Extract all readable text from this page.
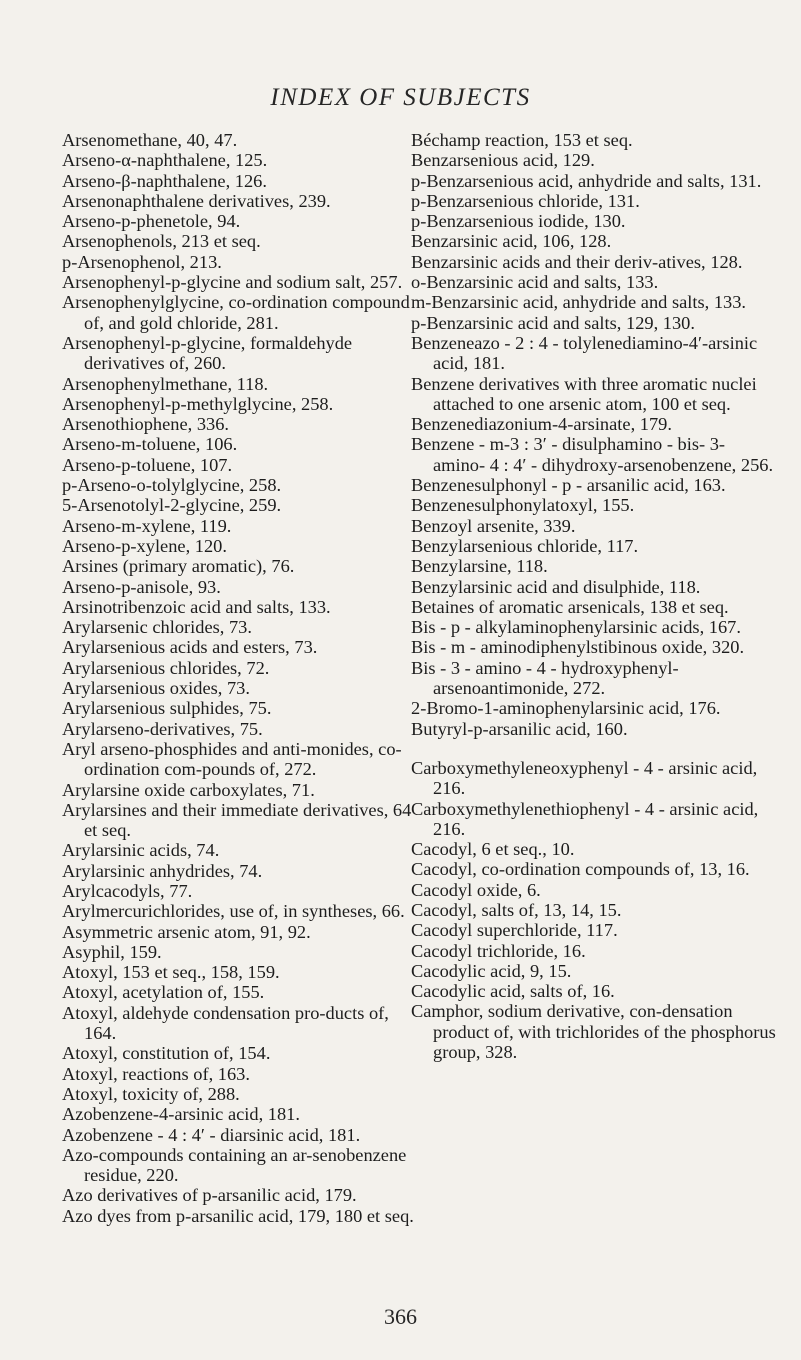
INDEX OF SUBJECTS
Arsenomethane, 40, 47.
Arseno-α-naphthalene, 125.
Arseno-β-naphthalene, 126.
Arsenonaphthalene derivatives, 239.
Arseno-p-phenetole, 94.
Arsenophenols, 213 et seq.
p-Arsenophenol, 213.
Arsenophenyl-p-glycine and sodium salt, 257.
Arsenophenylglycine, co-ordination compound of, and gold chloride, 281.
Arsenophenyl-p-glycine, formaldehyde derivatives of, 260.
Arsenophenylmethane, 118.
Arsenophenyl-p-methylglycine, 258.
Arsenothiophene, 336.
Arseno-m-toluene, 106.
Arseno-p-toluene, 107.
p-Arseno-o-tolylglycine, 258.
5-Arsenotolyl-2-glycine, 259.
Arseno-m-xylene, 119.
Arseno-p-xylene, 120.
Arsines (primary aromatic), 76.
Arseno-p-anisole, 93.
Arsinotribenzoic acid and salts, 133.
Arylarsenic chlorides, 73.
Arylarsenious acids and esters, 73.
Arylarsenious chlorides, 72.
Arylarsenious oxides, 73.
Arylarsenious sulphides, 75.
Arylarseno-derivatives, 75.
Aryl arseno-phosphides and anti-monides, co-ordination com-pounds of, 272.
Arylarsine oxide carboxylates, 71.
Arylarsines and their immediate derivatives, 64 et seq.
Arylarsinic acids, 74.
Arylarsinic anhydrides, 74.
Arylcacodyls, 77.
Arylmercurichlorides, use of, in syntheses, 66.
Asymmetric arsenic atom, 91, 92.
Asyphil, 159.
Atoxyl, 153 et seq., 158, 159.
Atoxyl, acetylation of, 155.
Atoxyl, aldehyde condensation pro-ducts of, 164.
Atoxyl, constitution of, 154.
Atoxyl, reactions of, 163.
Atoxyl, toxicity of, 288.
Azobenzene-4-arsinic acid, 181.
Azobenzene - 4 : 4′ - diarsinic acid, 181.
Azo-compounds containing an ar-senobenzene residue, 220.
Azo derivatives of p-arsanilic acid, 179.
Azo dyes from p-arsanilic acid, 179, 180 et seq.
Béchamp reaction, 153 et seq.
Benzarsenious acid, 129.
p-Benzarsenious acid, anhydride and salts, 131.
p-Benzarsenious chloride, 131.
p-Benzarsenious iodide, 130.
Benzarsinic acid, 106, 128.
Benzarsinic acids and their deriv-atives, 128.
o-Benzarsinic acid and salts, 133.
m-Benzarsinic acid, anhydride and salts, 133.
p-Benzarsinic acid and salts, 129, 130.
Benzeneazo - 2 : 4 - tolylenediamino-4′-arsinic acid, 181.
Benzene derivatives with three aromatic nuclei attached to one arsenic atom, 100 et seq.
Benzenediazonium-4-arsinate, 179.
Benzene - m-3 : 3′ - disulphamino - bis- 3- amino- 4 : 4′ - dihydroxy-arsenobenzene, 256.
Benzenesulphonyl - p - arsanilic acid, 163.
Benzenesulphonylatoxyl, 155.
Benzoyl arsenite, 339.
Benzylarsenious chloride, 117.
Benzylarsine, 118.
Benzylarsinic acid and disulphide, 118.
Betaines of aromatic arsenicals, 138 et seq.
Bis - p - alkylaminophenylarsinic acids, 167.
Bis - m - aminodiphenylstibinous oxide, 320.
Bis - 3 - amino - 4 - hydroxyphenyl-arsenoantimonide, 272.
2-Bromo-1-aminophenylarsinic acid, 176.
Butyryl-p-arsanilic acid, 160.
Carboxymethyleneoxyphenyl - 4 - arsinic acid, 216.
Carboxymethylenethiophenyl - 4 - arsinic acid, 216.
Cacodyl, 6 et seq., 10.
Cacodyl, co-ordination compounds of, 13, 16.
Cacodyl oxide, 6.
Cacodyl, salts of, 13, 14, 15.
Cacodyl superchloride, 117.
Cacodyl trichloride, 16.
Cacodylic acid, 9, 15.
Cacodylic acid, salts of, 16.
Camphor, sodium derivative, con-densation product of, with trichlorides of the phosphorus group, 328.
366
